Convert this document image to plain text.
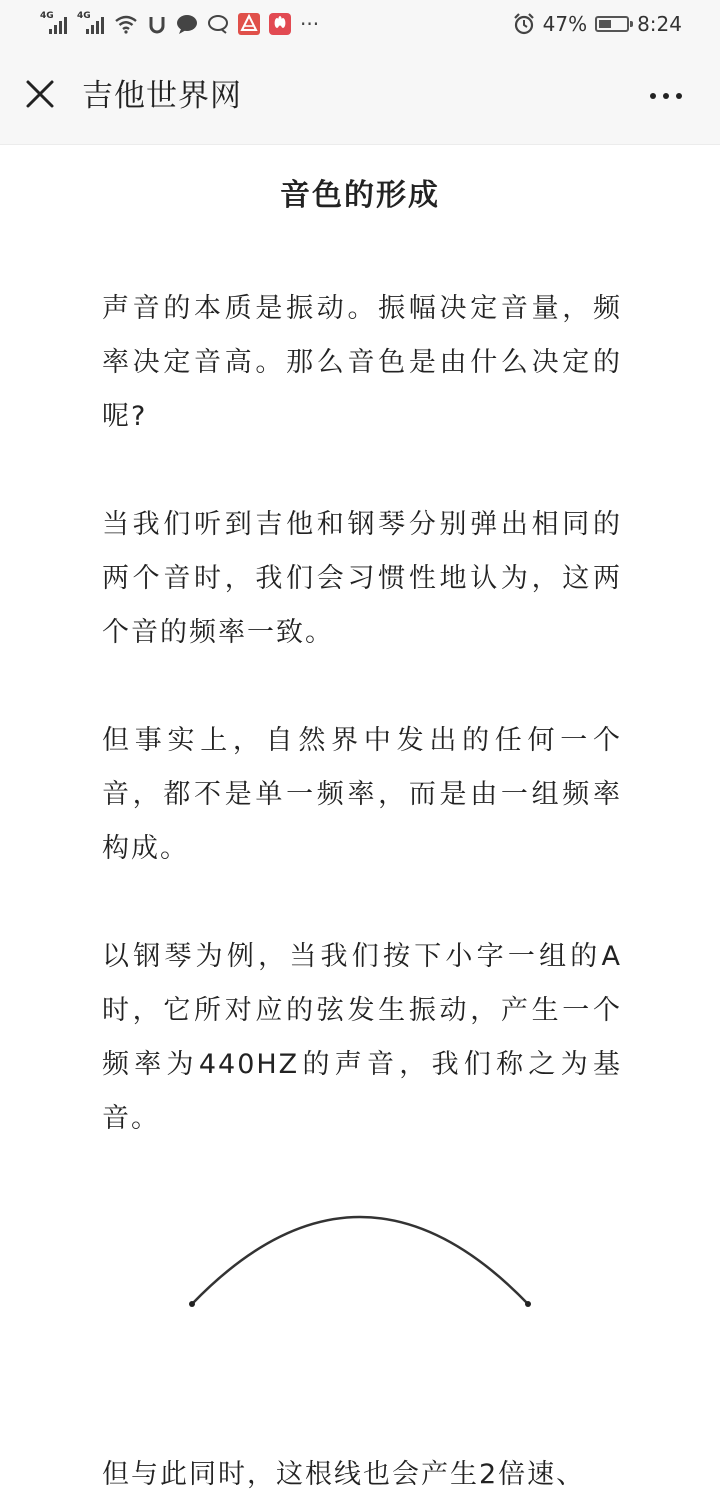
4G	4G	···	47%	8:24
吉他世界网
音色的形成

声音的本质是振动。振幅决定音量，频率决定音高。那么音色是由什么决定的呢?

当我们听到吉他和钢琴分别弹出相同的两个音时，我们会习惯性地认为，这两个音的频率一致。

但事实上，自然界中发出的任何一个音，都不是单一频率，而是由一组频率构成。

以钢琴为例，当我们按下小字一组的A时，它所对应的弦发生振动，产生一个频率为440HZ的声音，我们称之为基音。

但与此同时，这根线也会产生2倍速、
